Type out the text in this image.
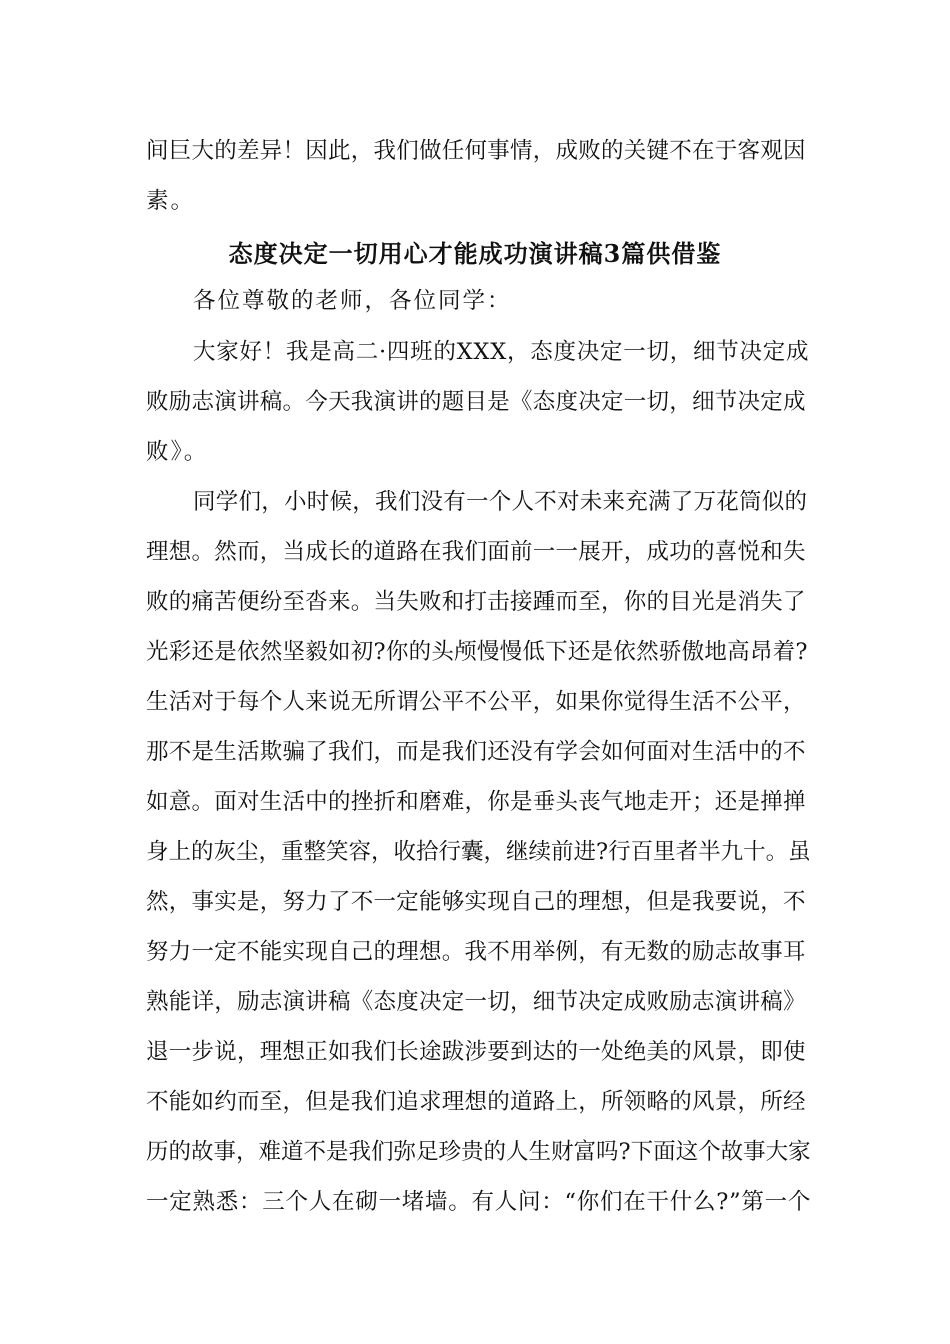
间巨大的差异！因此，我们做任何事情，成败的关键不在于客观因
素。
态度决定一切用心才能成功演讲稿3篇供借鉴
各位尊敬的老师，各位同学：
大家好！我是高二·四班的XXX，态度决定一切，细节决定成
败励志演讲稿。今天我演讲的题目是《态度决定一切，细节决定成
败》。
同学们，小时候，我们没有一个人不对未来充满了万花筒似的
理想。然而，当成长的道路在我们面前一一展开，成功的喜悦和失
败的痛苦便纷至沓来。当失败和打击接踵而至，你的目光是消失了
光彩还是依然坚毅如初?你的头颅慢慢低下还是依然骄傲地高昂着?
生活对于每个人来说无所谓公平不公平，如果你觉得生活不公平，
那不是生活欺骗了我们，而是我们还没有学会如何面对生活中的不
如意。面对生活中的挫折和磨难，你是垂头丧气地走开；还是掸掸
身上的灰尘，重整笑容，收拾行囊，继续前进?行百里者半九十。虽
然，事实是，努力了不一定能够实现自己的理想，但是我要说，不
努力一定不能实现自己的理想。我不用举例，有无数的励志故事耳
熟能详，励志演讲稿《态度决定一切，细节决定成败励志演讲稿》
退一步说，理想正如我们长途跋涉要到达的一处绝美的风景，即使
不能如约而至，但是我们追求理想的道路上，所领略的风景，所经
历的故事，难道不是我们弥足珍贵的人生财富吗?下面这个故事大家
一定熟悉：三个人在砌一堵墙。有人问：“你们在干什么?”第一个
